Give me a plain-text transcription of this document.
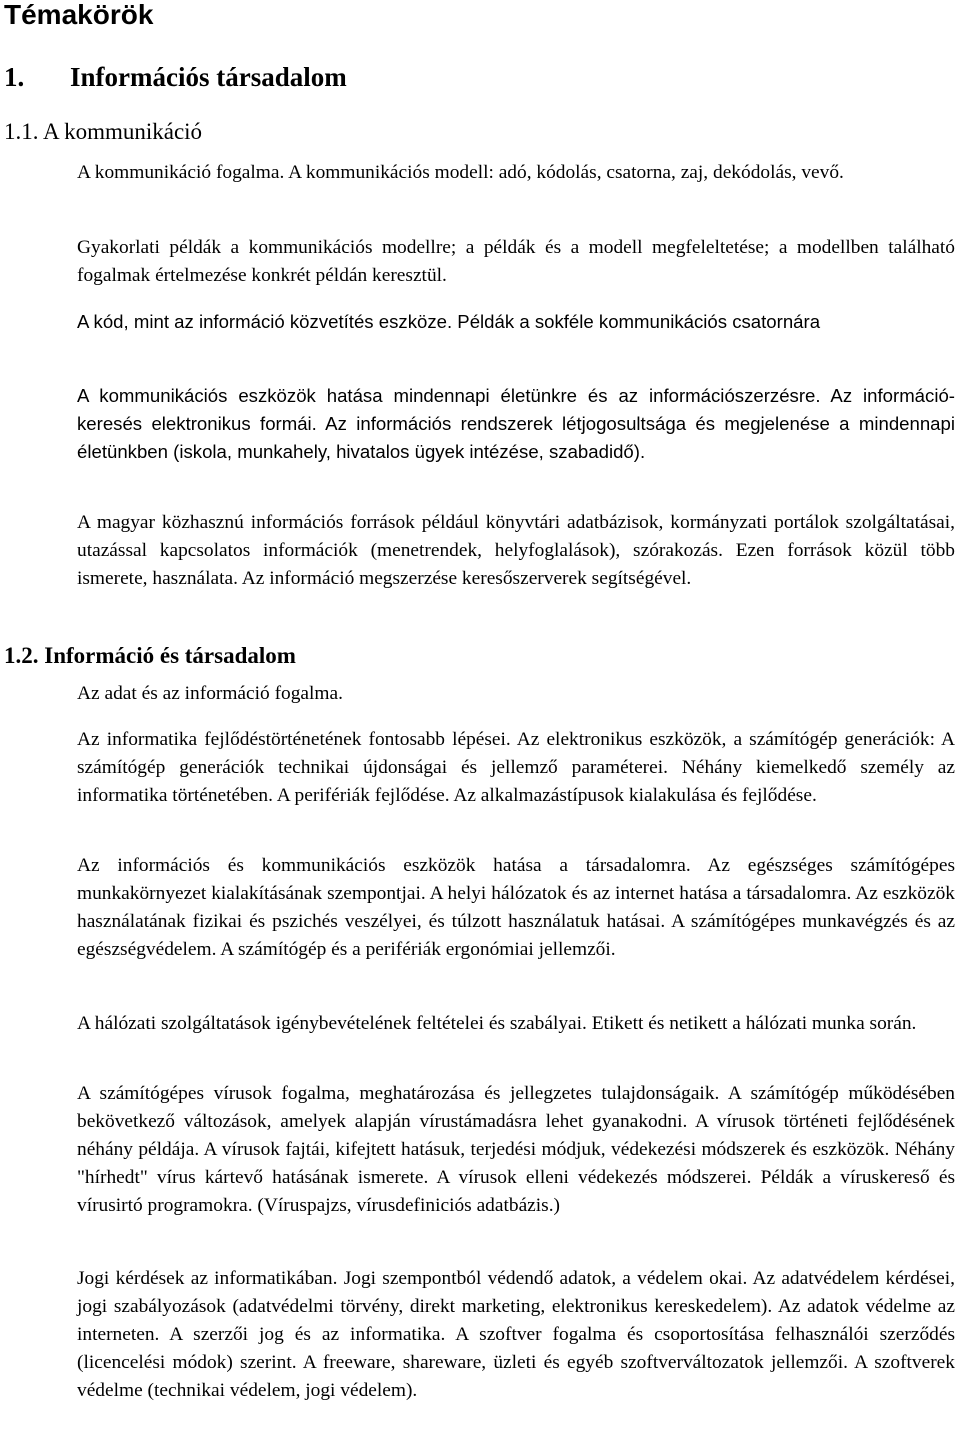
Témakörök
1. Információs társadalom
1.1. A kommunikáció

A kommunikáció fogalma. A kommunikációs modell: adó, kódolás, csatorna, zaj, dekódolás, vevő.

Gyakorlati példák a kommunikációs modellre; a példák és a modell megfeleltetése; a modellben található fogalmak értelmezése konkrét példán keresztül.

A kód, mint az információ közvetítés eszköze. Példák a sokféle kommunikációs csatornára

A kommunikációs eszközök hatása mindennapi életünkre és az információszerzésre. Az információ-keresés elektronikus formái. Az információs rendszerek létjogosultsága és megjelenése a mindennapi életünkben (iskola, munkahely, hivatalos ügyek intézése, szabadidő).

A magyar közhasznú információs források például könyvtári adatbázisok, kormányzati portálok szolgáltatásai, utazással kapcsolatos információk (menetrendek, helyfoglalások), szórakozás. Ezen források közül több ismerete, használata. Az információ megszerzése keresőszerverek segítségével.

1.2. Információ és társadalom

Az adat és az információ fogalma.

Az informatika fejlődéstörténetének fontosabb lépései. Az elektronikus eszközök, a számítógép generációk: A számítógép generációk technikai újdonságai és jellemző paraméterei. Néhány kiemelkedő személy az informatika történetében. A perifériák fejlődése. Az alkalmazástípusok kialakulása és fejlődése.

Az információs és kommunikációs eszközök hatása a társadalomra. Az egészséges számítógépes munkakörnyezet kialakításának szempontjai. A helyi hálózatok és az internet hatása a társadalomra. Az eszközök használatának fizikai és pszichés veszélyei, és túlzott használatuk hatásai. A számítógépes munkavégzés és az egészségvédelem. A számítógép és a perifériák ergonómiai jellemzői.

A hálózati szolgáltatások igénybevételének feltételei és szabályai. Etikett és netikett a hálózati munka során.

A számítógépes vírusok fogalma, meghatározása és jellegzetes tulajdonságaik. A számítógép működésében bekövetkező változások, amelyek alapján vírustámadásra lehet gyanakodni. A vírusok történeti fejlődésének néhány példája. A vírusok fajtái, kifejtett hatásuk, terjedési módjuk, védekezési módszerek és eszközök. Néhány "hírhedt" vírus kártevő hatásának ismerete. A vírusok elleni védekezés módszerei. Példák a víruskereső és vírusirtó programokra. (Víruspajzs, vírusdefiniciós adatbázis.)

Jogi kérdések az informatikában. Jogi szempontból védendő adatok, a védelem okai. Az adatvédelem kérdései, jogi szabályozások (adatvédelmi törvény, direkt marketing, elektronikus kereskedelem). Az adatok védelme az interneten. A szerzői jog és az informatika. A szoftver fogalma és csoportosítása felhasználói szerződés (licencelési módok) szerint. A freeware, shareware, üzleti és egyéb szoftverváltozatok jellemzői. A szoftverek védelme (technikai védelem, jogi védelem).
